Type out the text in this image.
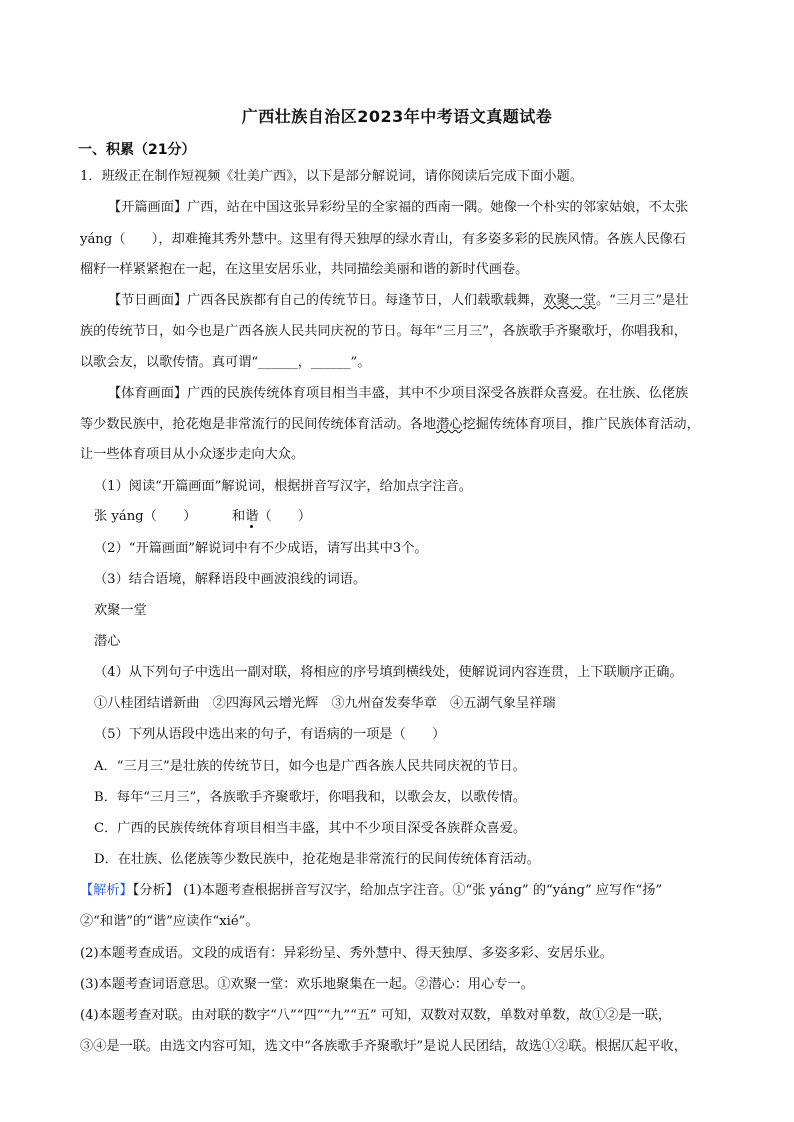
广西壮族自治区2023年中考语文真题试卷
一、积累（21分）
1．班级正在制作短视频《壮美广西》，以下是部分解说词，请你阅读后完成下面小题。
【开篇画面】广西，站在中国这张异彩纷呈的全家福的西南一隅。她像一个朴实的邻家姑娘，不太张
yáng（　　），却难掩其秀外慧中。这里有得天独厚的绿水青山，有多姿多彩的民族风情。各族人民像石
榴籽一样紧紧抱在一起，在这里安居乐业，共同描绘美丽和谐的新时代画卷。
【节日画面】广西各民族都有自己的传统节日。每逢节日，人们载歌载舞，欢聚一堂。“三月三”是壮
族的传统节日，如今也是广西各族人民共同庆祝的节日。每年“三月三”，各族歌手齐聚歌圩，你唱我和，
以歌会友，以歌传情。真可谓“______，______”。
【体育画面】广西的民族传统体育项目相当丰盛，其中不少项目深受各族群众喜爱。在壮族、仫佬族
等少数民族中，抢花炮是非常流行的民间传统体育活动。各地潜心挖掘传统体育项目，推广民族体育活动，
让一些体育项目从小众逐步走向大众。
（1）阅读“开篇画面”解说词，根据拼音写汉字，给加点字注音。
张 yáng（　　）	和谐（　　）
（2）“开篇画面”解说词中有不少成语，请写出其中3个。
（3）结合语境，解释语段中画波浪线的词语。
欢聚一堂
潜心
（4）从下列句子中选出一副对联，将相应的序号填到横线处，使解说词内容连贯，上下联顺序正确。
①八桂团结谱新曲　②四海风云增光辉　③九州奋发奏华章　④五湖气象呈祥瑞
（5）下列从语段中选出来的句子，有语病的一项是（　　）
A．“三月三”是壮族的传统节日，如今也是广西各族人民共同庆祝的节日。
B．每年“三月三”，各族歌手齐聚歌圩，你唱我和，以歌会友，以歌传情。
C．广西的民族传统体育项目相当丰盛，其中不少项目深受各族群众喜爱。
D．在壮族、仫佬族等少数民族中，抢花炮是非常流行的民间传统体育活动。
【解析】【分析】 (1)本题考查根据拼音写汉字，给加点字注音。①“张 yáng” 的“yáng” 应写作“扬”
②“和谐”的“谐”应读作“xié”。
(2)本题考查成语。文段的成语有：异彩纷呈、秀外慧中、得天独厚、多姿多彩、安居乐业。
(3)本题考查词语意思。①欢聚一堂：欢乐地聚集在一起。②潜心：用心专一。
(4)本题考查对联。由对联的数字“八”“四”“九”“五” 可知，双数对双数，单数对单数，故①②是一联，
③④是一联。由选文内容可知，选文中“各族歌手齐聚歌圩”是说人民团结，故选①②联。根据仄起平收，
